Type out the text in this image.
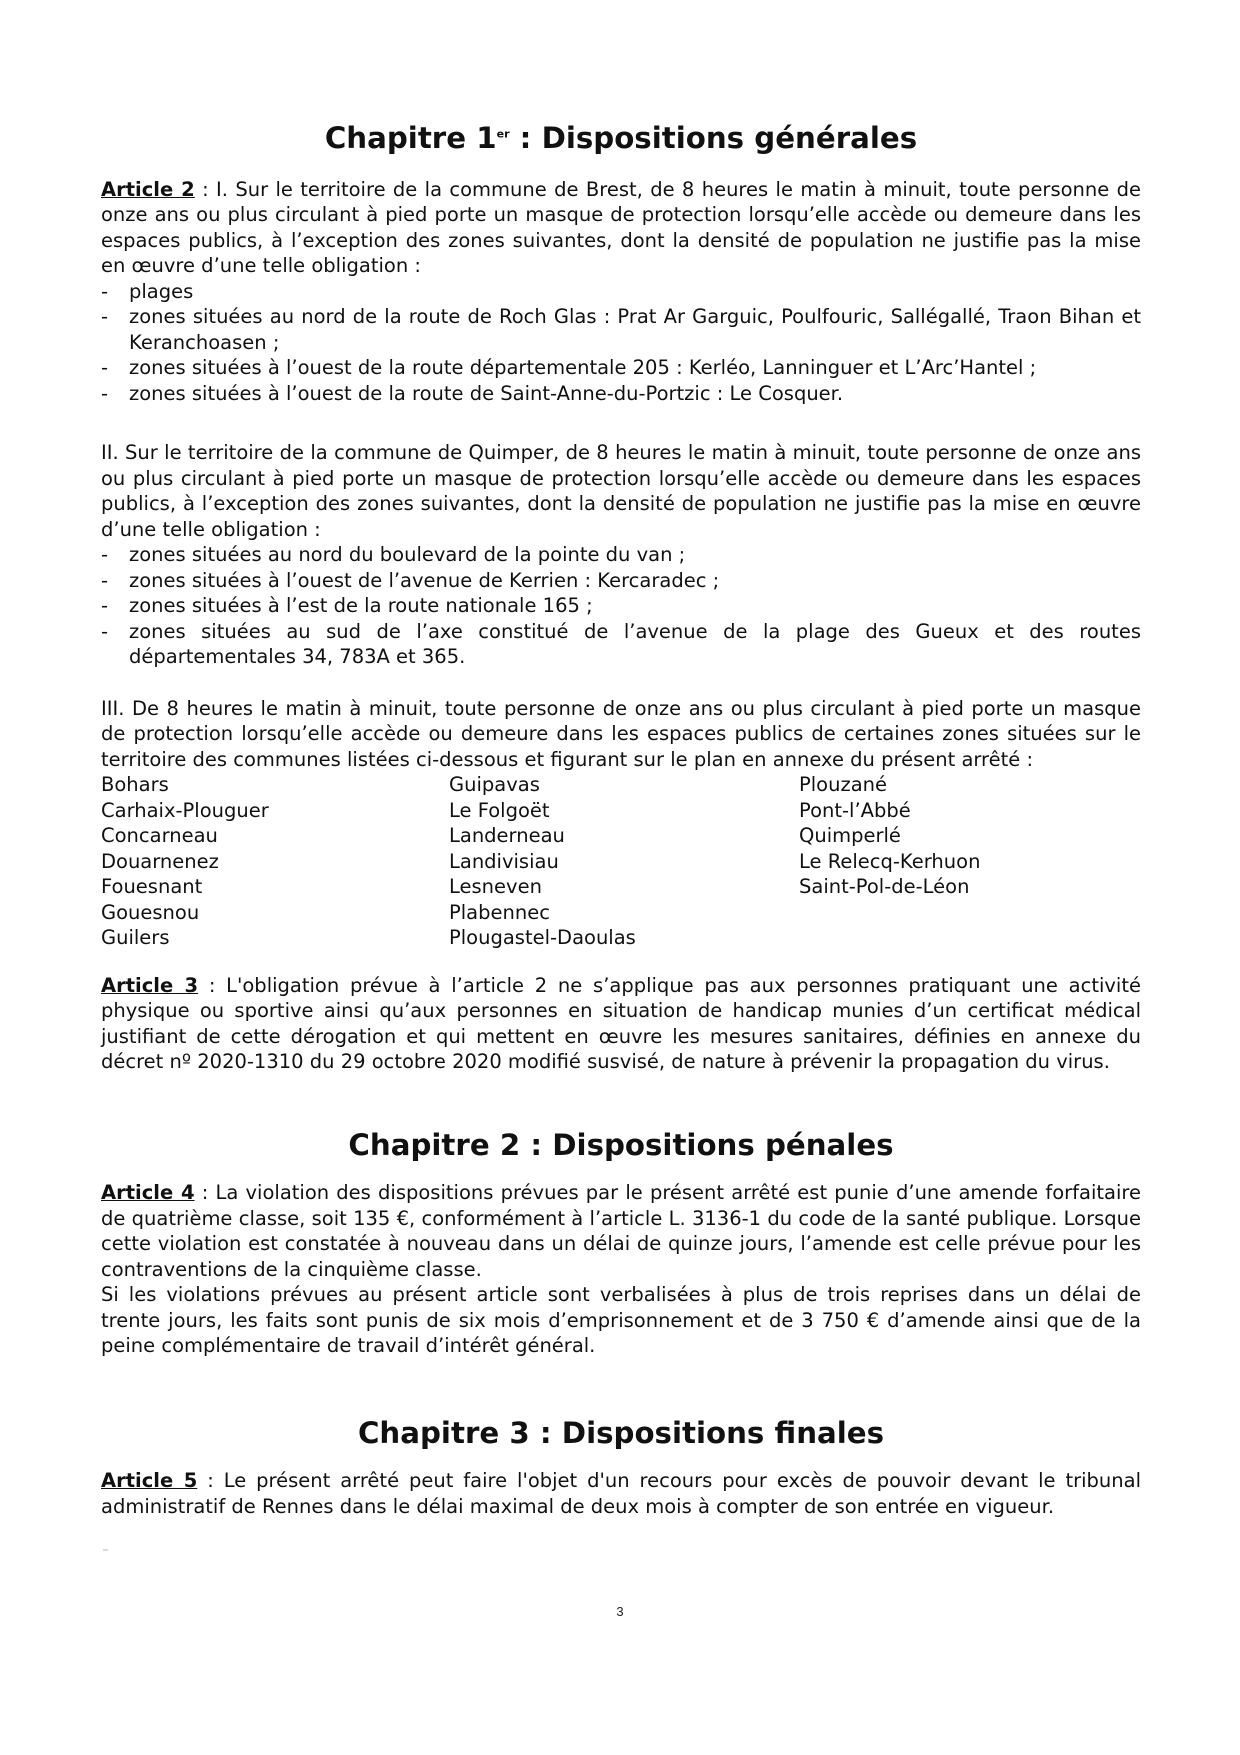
Chapitre 1er : Dispositions générales

Article 2 : I. Sur le territoire de la commune de Brest, de 8 heures le matin à minuit, toute personne de onze ans ou plus circulant à pied porte un masque de protection lorsqu’elle accède ou demeure dans les espaces publics, à l’exception des zones suivantes, dont la densité de population ne justifie pas la mise en œuvre d’une telle obligation :

- plages
- zones situées au nord de la route de Roch Glas : Prat Ar Garguic, Poulfouric, Sallégallé, Traon Bihan et Keranchoasen ;
- zones situées à l’ouest de la route départementale 205 : Kerléo, Lanninguer et L’Arc’Hantel ;
- zones situées à l’ouest de la route de Saint-Anne-du-Portzic : Le Cosquer.

II. Sur le territoire de la commune de Quimper, de 8 heures le matin à minuit, toute personne de onze ans ou plus circulant à pied porte un masque de protection lorsqu’elle accède ou demeure dans les espaces publics, à l’exception des zones suivantes, dont la densité de population ne justifie pas la mise en œuvre d’une telle obligation :

- zones situées au nord du boulevard de la pointe du van ;
- zones situées à l’ouest de l’avenue de Kerrien : Kercaradec ;
- zones situées à l’est de la route nationale 165 ;
- zones situées au sud de l’axe constitué de l’avenue de la plage des Gueux et des routes départementales 34, 783A et 365.

III. De 8 heures le matin à minuit, toute personne de onze ans ou plus circulant à pied porte un masque de protection lorsqu’elle accède ou demeure dans les espaces publics de certaines zones situées sur le territoire des communes listées ci-dessous et figurant sur le plan en annexe du présent arrêté :

Bohars
Carhaix-Plouguer
Concarneau
Douarnenez
Fouesnant
Gouesnou
Guilers
Guipavas
Le Folgoët
Landerneau
Landivisiau
Lesneven
Plabennec
Plougastel-Daoulas
Plouzané
Pont-l’Abbé
Quimperlé
Le Relecq-Kerhuon
Saint-Pol-de-Léon

Article 3 : L'obligation prévue à l’article 2 ne s’applique pas aux personnes pratiquant une activité physique ou sportive ainsi qu’aux personnes en situation de handicap munies d’un certificat médical justifiant de cette dérogation et qui mettent en œuvre les mesures sanitaires, définies en annexe du décret nº 2020-1310 du 29 octobre 2020 modifié susvisé, de nature à prévenir la propagation du virus.

Chapitre 2 : Dispositions pénales

Article 4 : La violation des dispositions prévues par le présent arrêté est punie d’une amende forfaitaire de quatrième classe, soit 135 €, conformément à l’article L. 3136-1 du code de la santé publique. Lorsque cette violation est constatée à nouveau dans un délai de quinze jours, l’amende est celle prévue pour les contraventions de la cinquième classe.

Si les violations prévues au présent article sont verbalisées à plus de trois reprises dans un délai de trente jours, les faits sont punis de six mois d’emprisonnement et de 3 750 € d’amende ainsi que de la peine complémentaire de travail d’intérêt général.

Chapitre 3 : Dispositions finales

Article 5 : Le présent arrêté peut faire l'objet d'un recours pour excès de pouvoir devant le tribunal administratif de Rennes dans le délai maximal de deux mois à compter de son entrée en vigueur.

3
